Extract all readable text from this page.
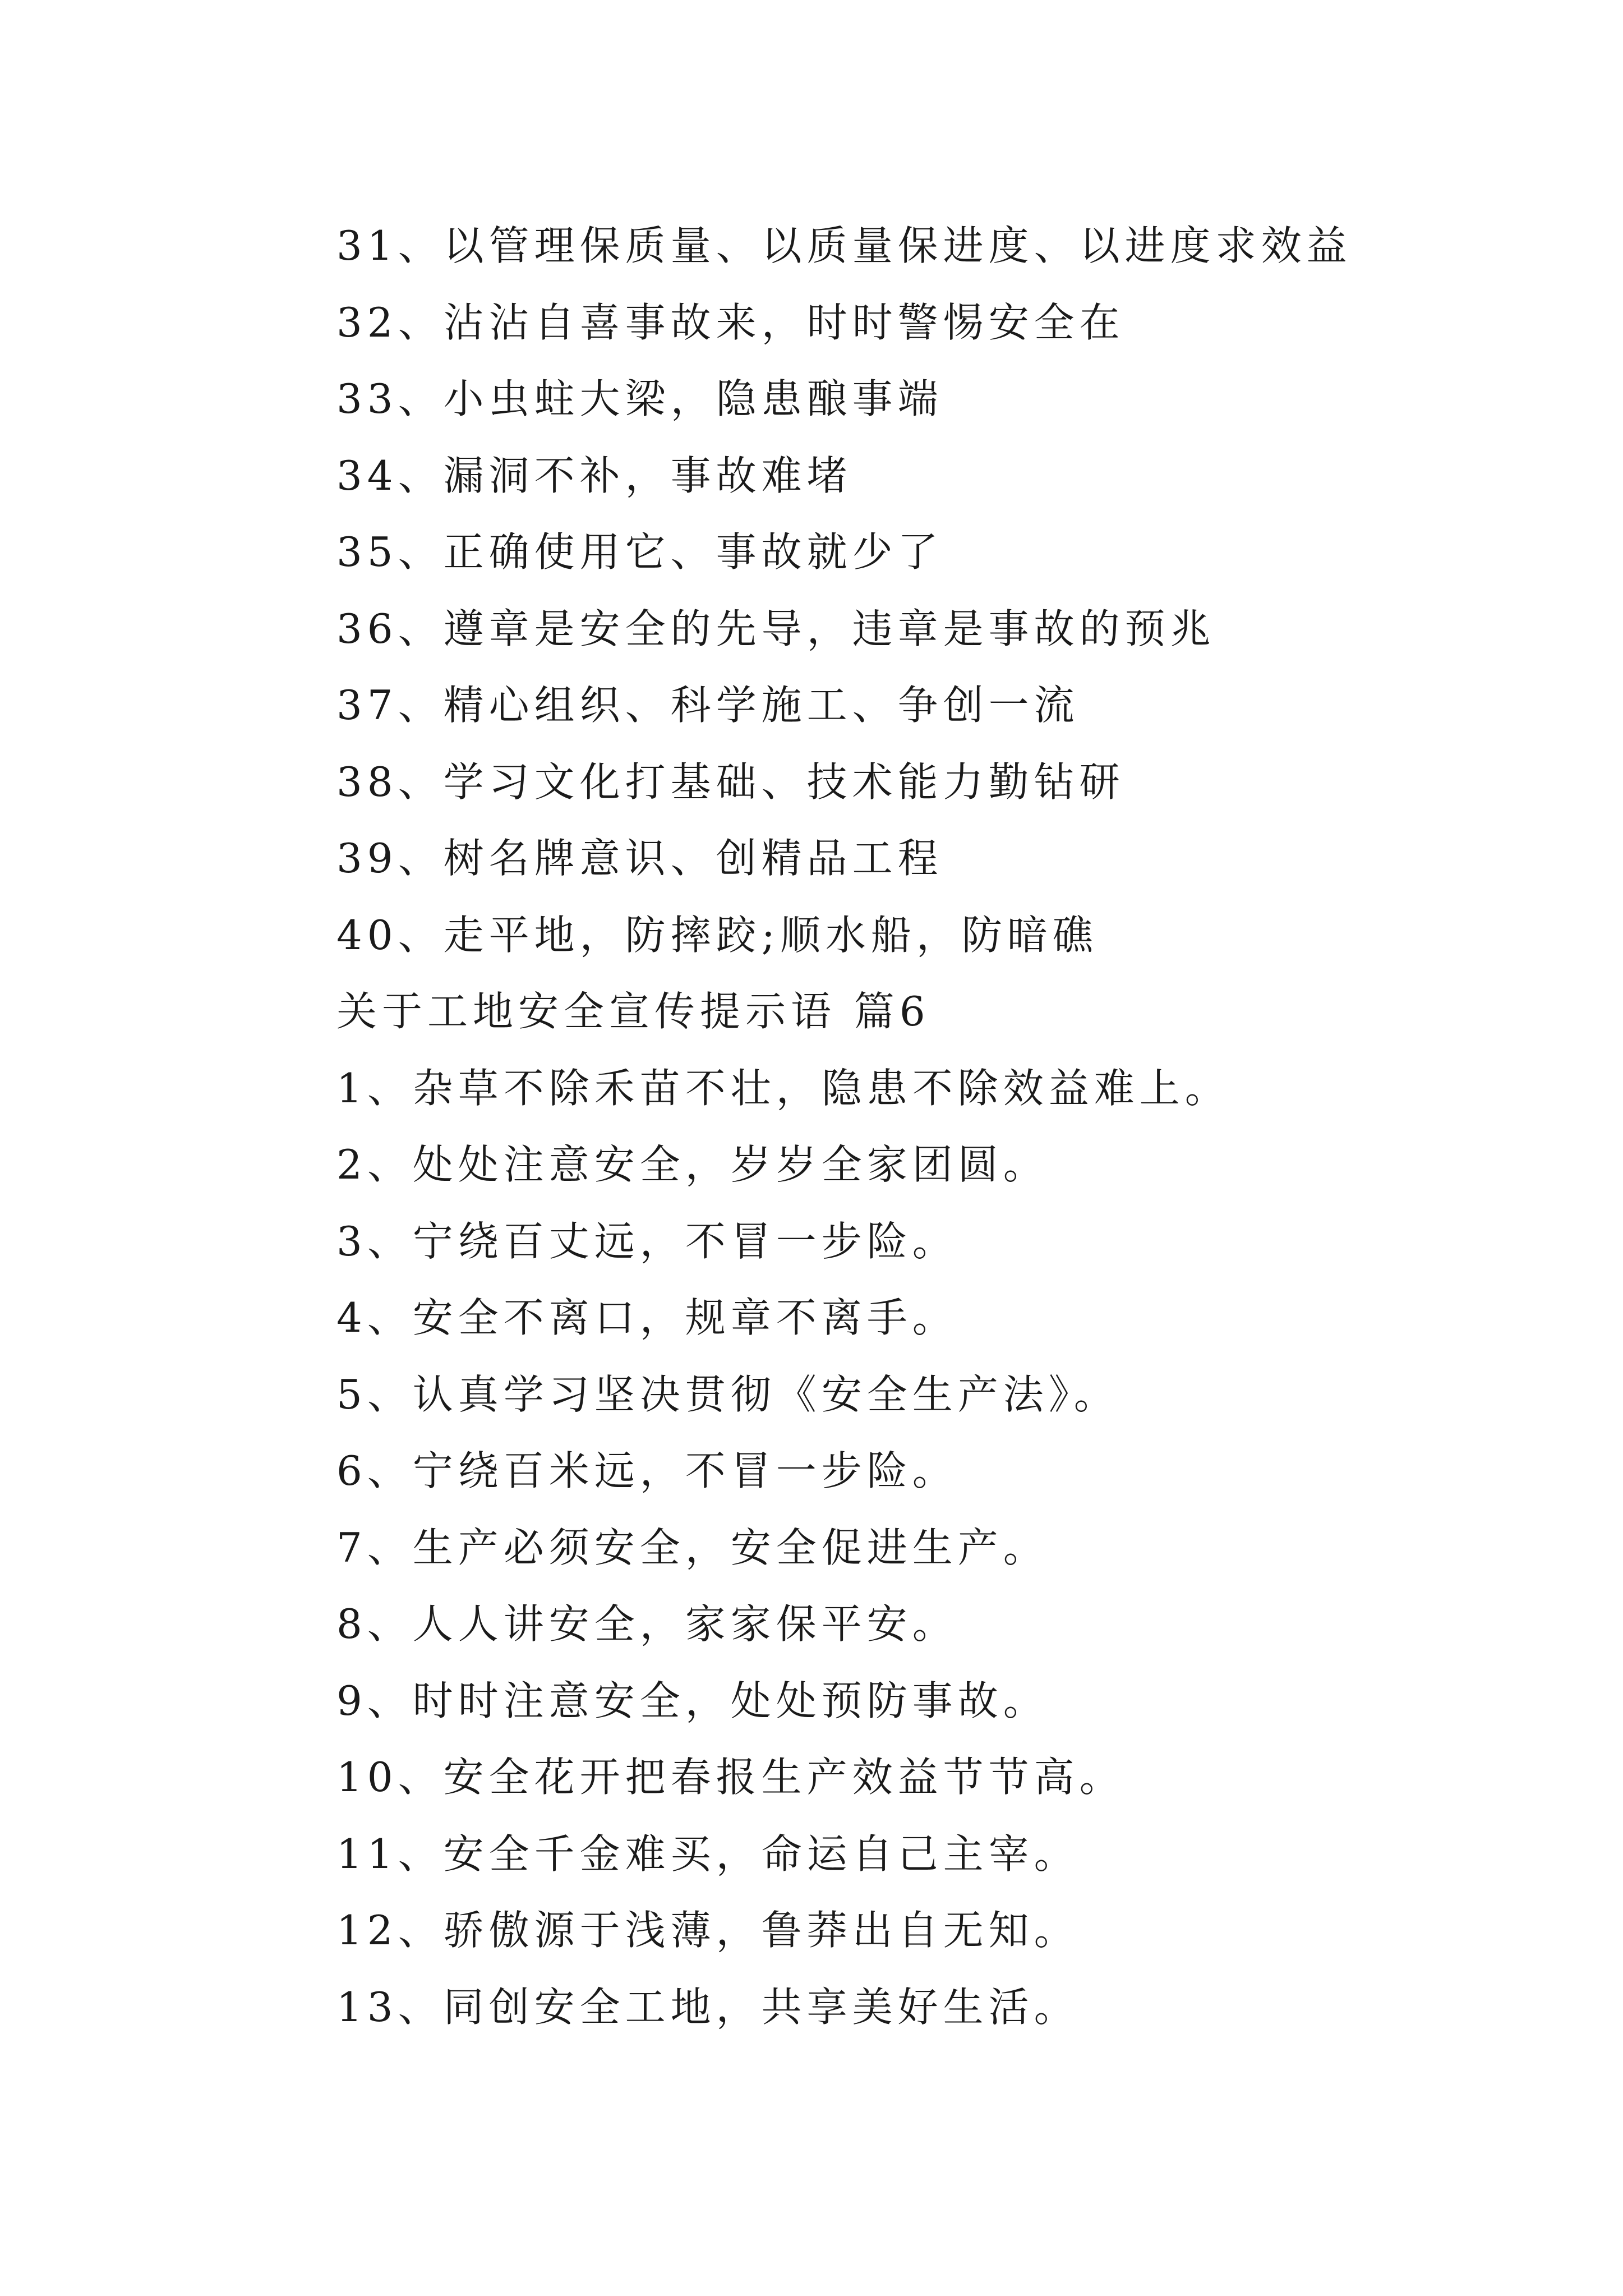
31、以管理保质量、以质量保进度、以进度求效益
32、沾沾自喜事故来，时时警惕安全在
33、小虫蛀大梁，隐患酿事端
34、漏洞不补，事故难堵
35、正确使用它、事故就少了
36、遵章是安全的先导，违章是事故的预兆
37、精心组织、科学施工、争创一流
38、学习文化打基础、技术能力勤钻研
39、树名牌意识、创精品工程
40、走平地，防摔跤;顺水船，防暗礁
关于工地安全宣传提示语 篇6
1、杂草不除禾苗不壮，隐患不除效益难上。
2、处处注意安全，岁岁全家团圆。
3、宁绕百丈远，不冒一步险。
4、安全不离口，规章不离手。
5、认真学习坚决贯彻《安全生产法》。
6、宁绕百米远，不冒一步险。
7、生产必须安全，安全促进生产。
8、人人讲安全，家家保平安。
9、时时注意安全，处处预防事故。
10、安全花开把春报生产效益节节高。
11、安全千金难买，命运自己主宰。
12、骄傲源于浅薄，鲁莽出自无知。
13、同创安全工地，共享美好生活。
